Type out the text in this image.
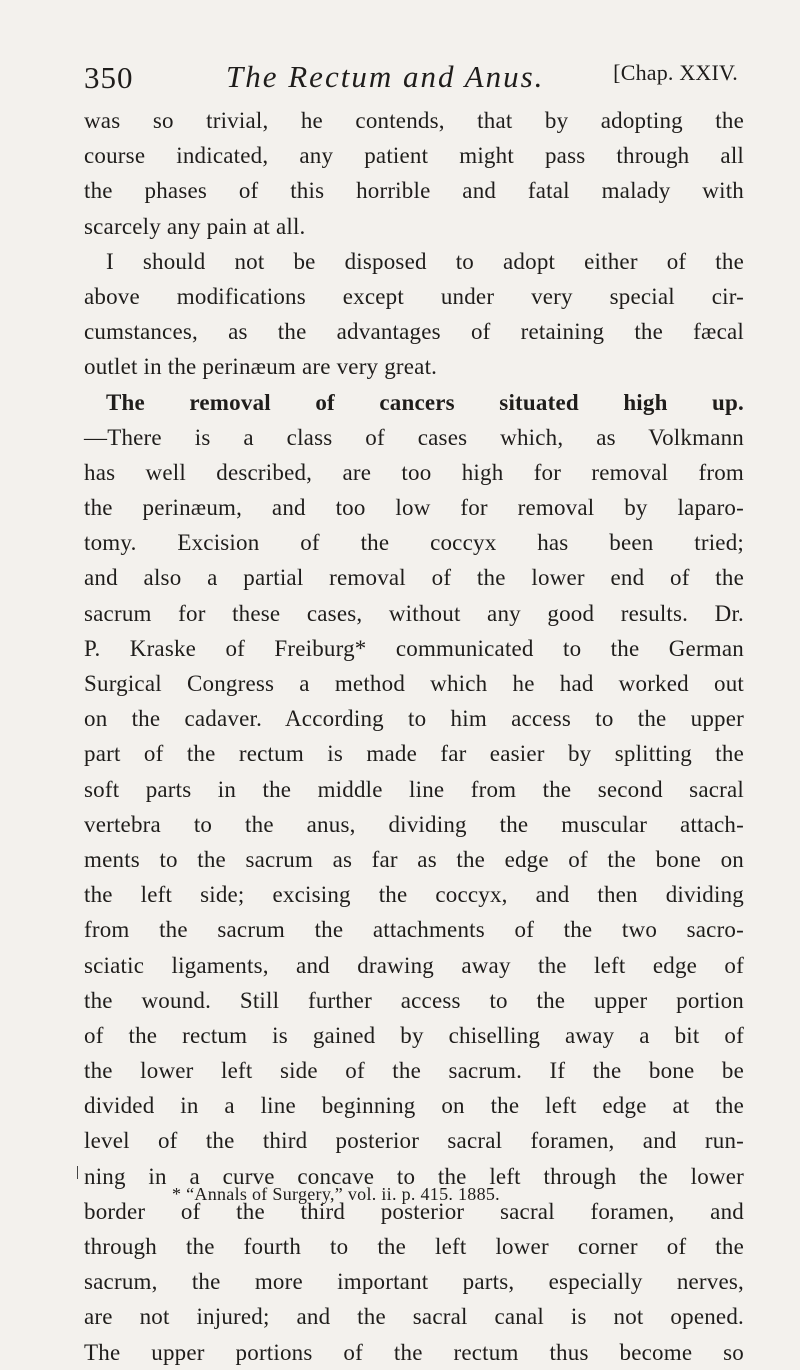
350	The Rectum and Anus.	[Chap. XXIV.
was so trivial, he contends, that by adopting the
course indicated, any patient might pass through all
the phases of this horrible and fatal malady with
scarcely any pain at all.
I should not be disposed to adopt either of the
above modifications except under very special cir-
cumstances, as the advantages of retaining the fæcal
outlet in the perinæum are very great.
The removal of cancers situated high up.
—There is a class of cases which, as Volkmann
has well described, are too high for removal from
the perinæum, and too low for removal by laparo-
tomy. Excision of the coccyx has been tried;
and also a partial removal of the lower end of the
sacrum for these cases, without any good results. Dr.
P. Kraske of Freiburg* communicated to the German
Surgical Congress a method which he had worked out
on the cadaver. According to him access to the upper
part of the rectum is made far easier by splitting the
soft parts in the middle line from the second sacral
vertebra to the anus, dividing the muscular attach-
ments to the sacrum as far as the edge of the bone on
the left side; excising the coccyx, and then dividing
from the sacrum the attachments of the two sacro-
sciatic ligaments, and drawing away the left edge of
the wound. Still further access to the upper portion
of the rectum is gained by chiselling away a bit of
the lower left side of the sacrum. If the bone be
divided in a line beginning on the left edge at the
level of the third posterior sacral foramen, and run-
ning in a curve concave to the left through the lower
border of the third posterior sacral foramen, and
through the fourth to the left lower corner of the
sacrum, the more important parts, especially nerves,
are not injured; and the sacral canal is not opened.
The upper portions of the rectum thus become so
* “Annals of Surgery,” vol. ii. p. 415. 1885.
